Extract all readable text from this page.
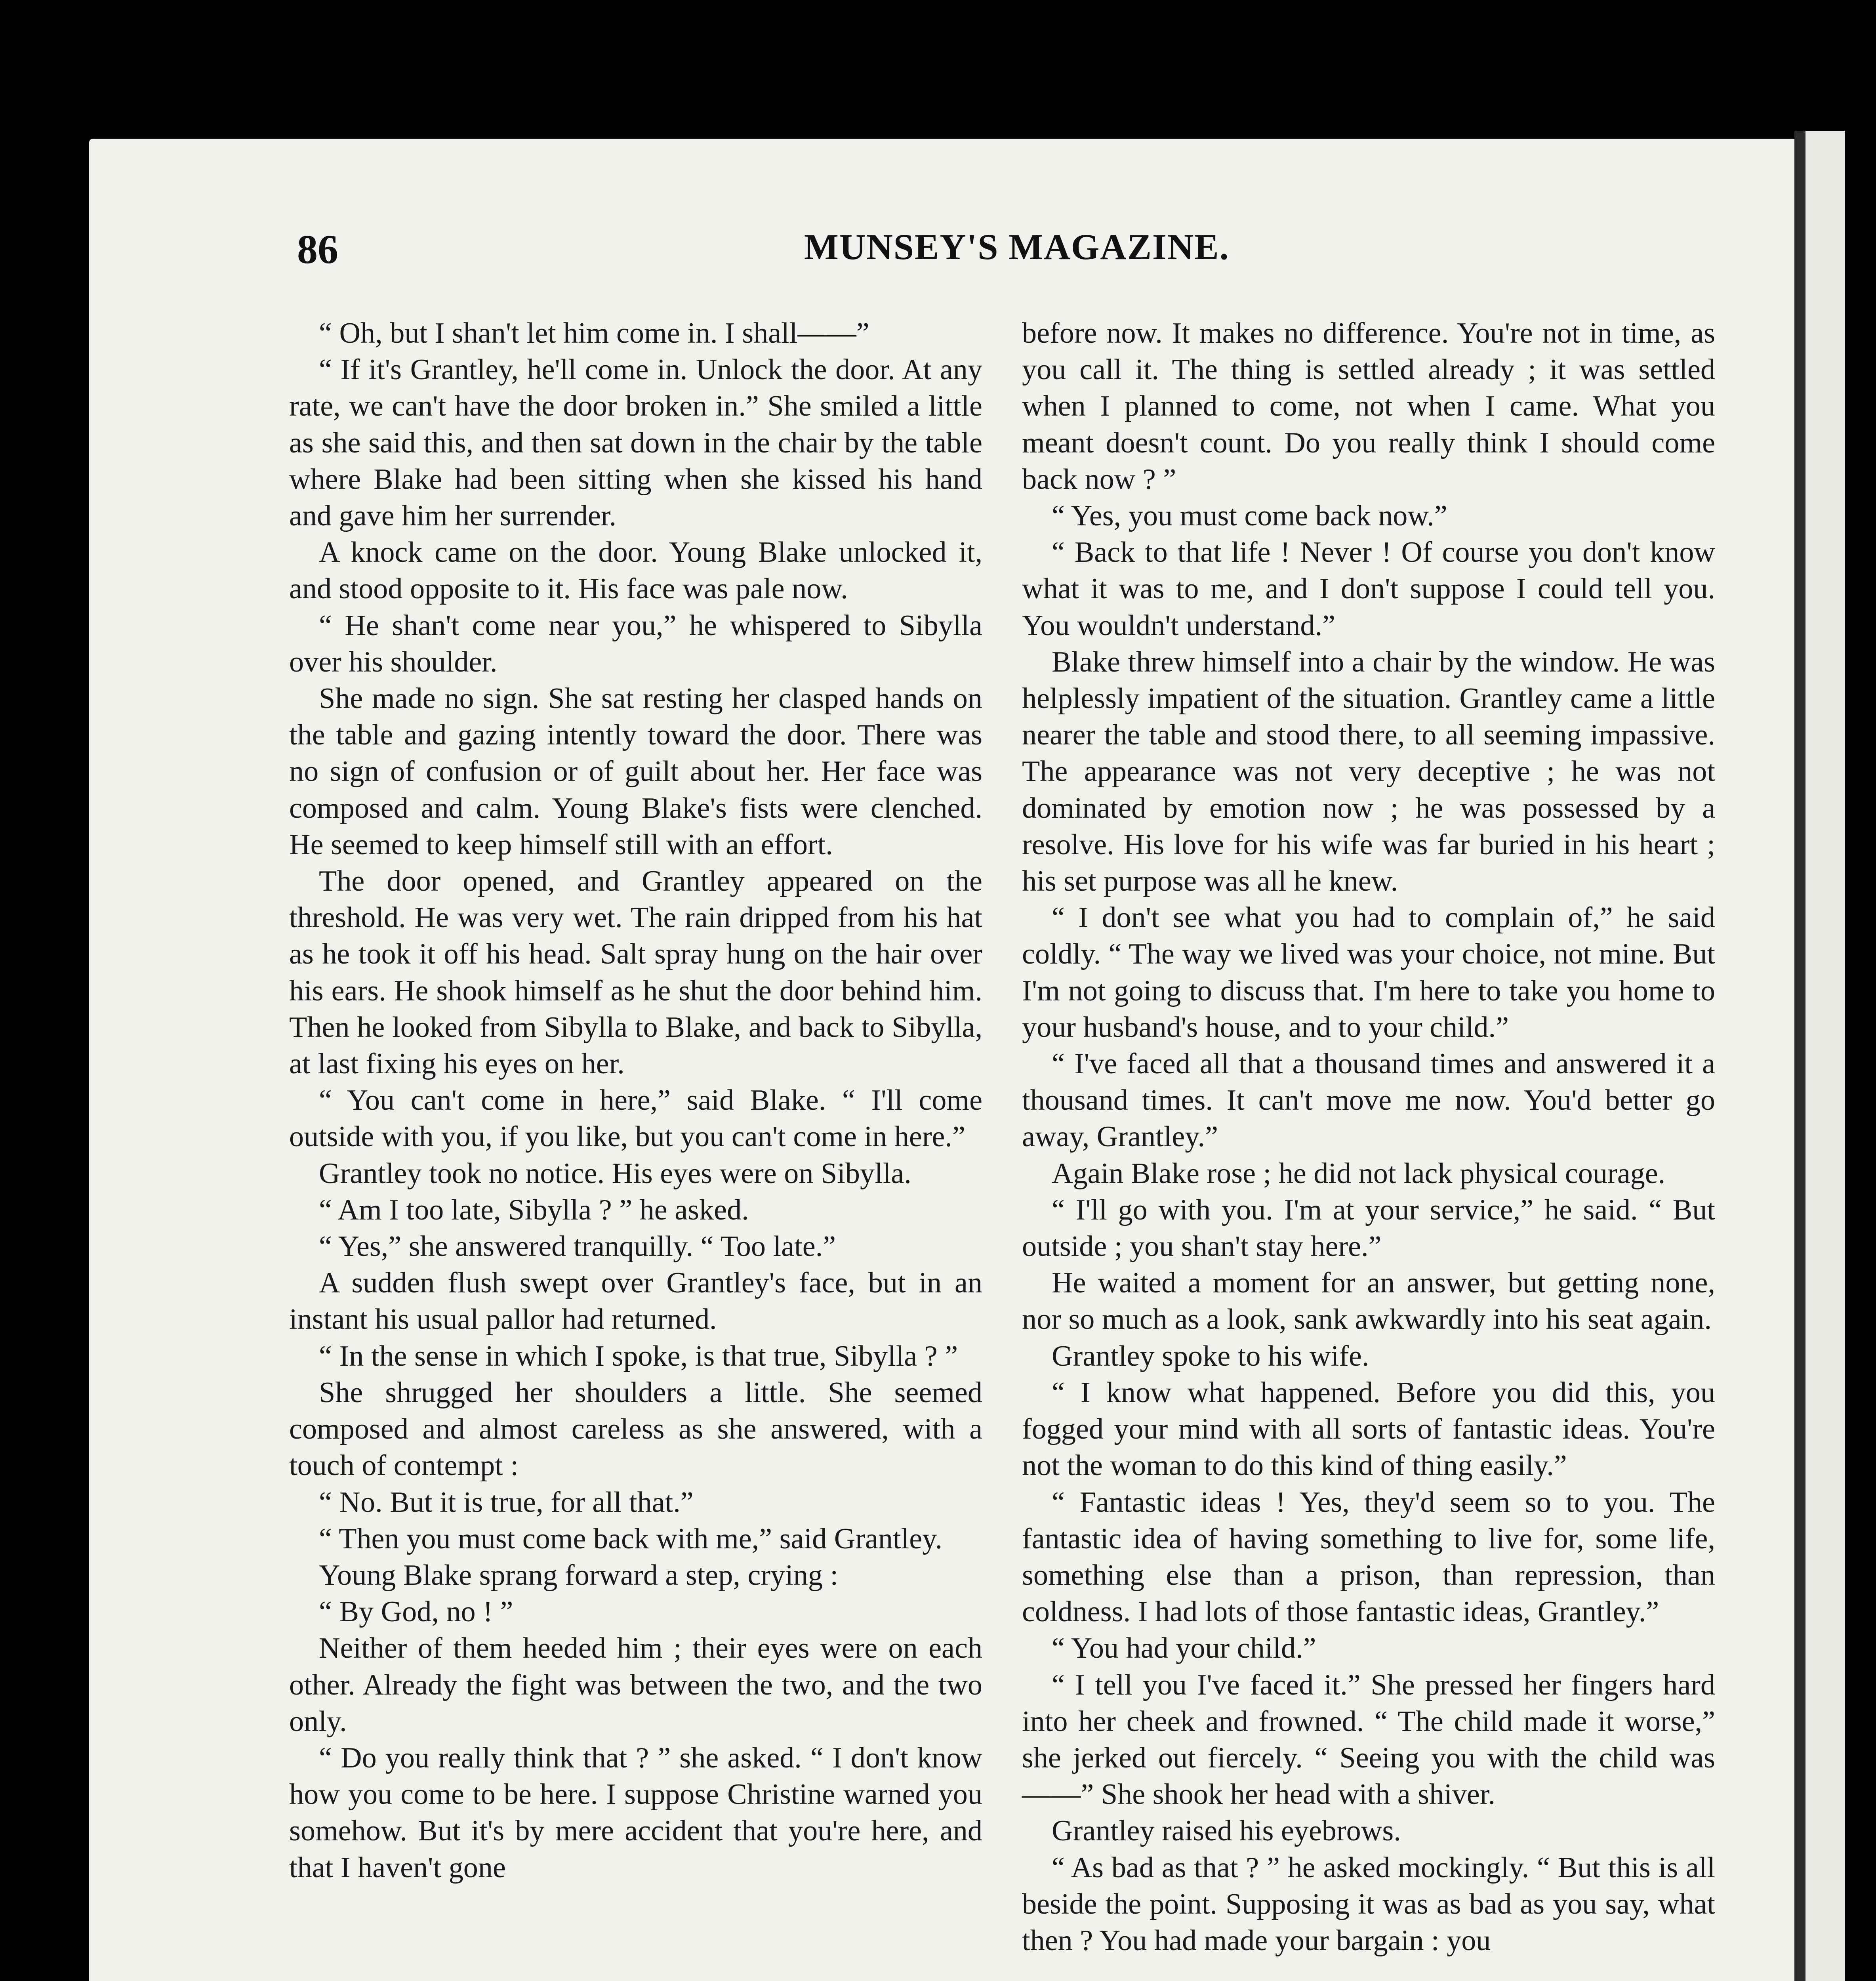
86	MUNSEY'S MAGAZINE.

“ Oh, but I shan't let him come in. I shall——”

“ If it's Grantley, he'll come in. Unlock the door. At any rate, we can't have the door broken in.” She smiled a little as she said this, and then sat down in the chair by the table where Blake had been sitting when she kissed his hand and gave him her surrender.

A knock came on the door. Young Blake unlocked it, and stood opposite to it. His face was pale now.

“ He shan't come near you,” he whispered to Sibylla over his shoulder.

She made no sign. She sat resting her clasped hands on the table and gazing intently toward the door. There was no sign of confusion or of guilt about her. Her face was composed and calm. Young Blake's fists were clenched. He seemed to keep himself still with an effort.

The door opened, and Grantley appeared on the threshold. He was very wet. The rain dripped from his hat as he took it off his head. Salt spray hung on the hair over his ears. He shook himself as he shut the door behind him. Then he looked from Sibylla to Blake, and back to Sibylla, at last fixing his eyes on her.

“ You can't come in here,” said Blake. “ I'll come outside with you, if you like, but you can't come in here.”

Grantley took no notice. His eyes were on Sibylla.

“ Am I too late, Sibylla ? ” he asked.

“ Yes,” she answered tranquilly. “ Too late.”

A sudden flush swept over Grantley's face, but in an instant his usual pallor had returned.

“ In the sense in which I spoke, is that true, Sibylla ? ”

She shrugged her shoulders a little. She seemed composed and almost careless as she answered, with a touch of contempt :

“ No. But it is true, for all that.”

“ Then you must come back with me,” said Grantley.

Young Blake sprang forward a step, crying :

“ By God, no ! ”

Neither of them heeded him ; their eyes were on each other. Already the fight was between the two, and the two only.

“ Do you really think that ? ” she asked. “ I don't know how you come to be here. I suppose Christine warned you somehow. But it's by mere accident that you're here, and that I haven't gone

before now. It makes no difference. You're not in time, as you call it. The thing is settled already ; it was settled when I planned to come, not when I came. What you meant doesn't count. Do you really think I should come back now ? ”

“ Yes, you must come back now.”

“ Back to that life ! Never ! Of course you don't know what it was to me, and I don't suppose I could tell you. You wouldn't understand.”

Blake threw himself into a chair by the window. He was helplessly impatient of the situation. Grantley came a little nearer the table and stood there, to all seeming impassive. The appearance was not very deceptive ; he was not dominated by emotion now ; he was possessed by a resolve. His love for his wife was far buried in his heart ; his set purpose was all he knew.

“ I don't see what you had to complain of,” he said coldly. “ The way we lived was your choice, not mine. But I'm not going to discuss that. I'm here to take you home to your husband's house, and to your child.”

“ I've faced all that a thousand times and answered it a thousand times. It can't move me now. You'd better go away, Grantley.”

Again Blake rose ; he did not lack physical courage.

“ I'll go with you. I'm at your service,” he said. “ But outside ; you shan't stay here.”

He waited a moment for an answer, but getting none, nor so much as a look, sank awkwardly into his seat again.

Grantley spoke to his wife.

“ I know what happened. Before you did this, you fogged your mind with all sorts of fantastic ideas. You're not the woman to do this kind of thing easily.”

“ Fantastic ideas ! Yes, they'd seem so to you. The fantastic idea of having something to live for, some life, something else than a prison, than repression, than coldness. I had lots of those fantastic ideas, Grantley.”

“ You had your child.”

“ I tell you I've faced it.” She pressed her fingers hard into her cheek and frowned. “ The child made it worse,” she jerked out fiercely. “ Seeing you with the child was——” She shook her head with a shiver.

Grantley raised his eyebrows.

“ As bad as that ? ” he asked mockingly. “ But this is all beside the point. Supposing it was as bad as you say, what then ? You had made your bargain : you
